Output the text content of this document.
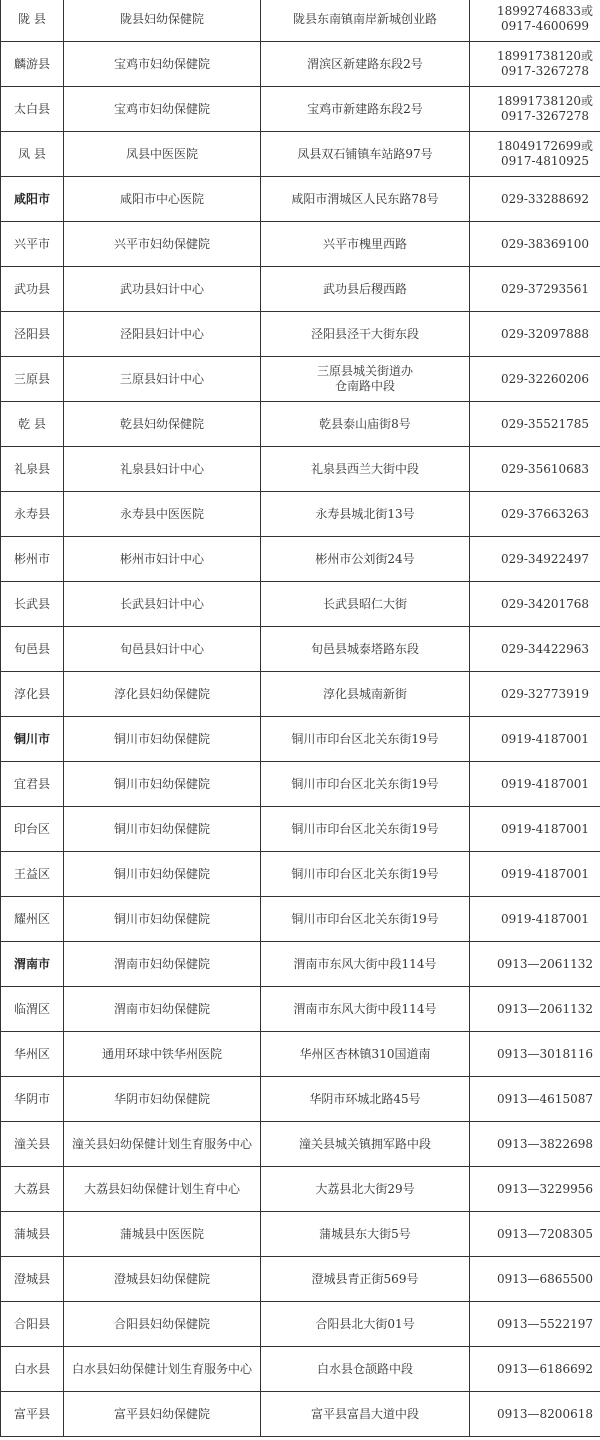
陇 县	陇县妇幼保健院	陇县东南镇南岸新城创业路	18992746833或
0917-4600699

麟游县	宝鸡市妇幼保健院	渭滨区新建路东段2号	18991738120或
0917-3267278

太白县	宝鸡市妇幼保健院	宝鸡市新建路东段2号	18991738120或
0917-3267278

凤 县	凤县中医医院	凤县双石铺镇车站路97号	18049172699或
0917-4810925

咸阳市	咸阳市中心医院	咸阳市渭城区人民东路78号	029-33288692

兴平市	兴平市妇幼保健院	兴平市槐里西路	029-38369100

武功县	武功县妇计中心	武功县后稷西路	029-37293561

泾阳县	泾阳县妇计中心	泾阳县泾干大街东段	029-32097888

三原县	三原县妇计中心	三原县城关街道办
仓南路中段	029-32260206

乾 县	乾县妇幼保健院	乾县泰山庙街8号	029-35521785

礼泉县	礼泉县妇计中心	礼泉县西兰大街中段	029-35610683

永寿县	永寿县中医医院	永寿县城北街13号	029-37663263

彬州市	彬州市妇计中心	彬州市公刘街24号	029-34922497

长武县	长武县妇计中心	长武县昭仁大街	029-34201768

旬邑县	旬邑县妇计中心	旬邑县城泰塔路东段	029-34422963

淳化县	淳化县妇幼保健院	淳化县城南新街	029-32773919

铜川市	铜川市妇幼保健院	铜川市印台区北关东街19号	0919-4187001

宜君县	铜川市妇幼保健院	铜川市印台区北关东街19号	0919-4187001

印台区	铜川市妇幼保健院	铜川市印台区北关东街19号	0919-4187001

王益区	铜川市妇幼保健院	铜川市印台区北关东街19号	0919-4187001

耀州区	铜川市妇幼保健院	铜川市印台区北关东街19号	0919-4187001

渭南市	渭南市妇幼保健院	渭南市东风大街中段114号	0913—2061132

临渭区	渭南市妇幼保健院	渭南市东风大街中段114号	0913—2061132

华州区	通用环球中铁华州医院	华州区杏林镇310国道南	0913—3018116

华阴市	华阴市妇幼保健院	华阴市环城北路45号	0913—4615087

潼关县	潼关县妇幼保健计划生育服务中心	潼关县城关镇拥军路中段	0913—3822698

大荔县	大荔县妇幼保健计划生育中心	大荔县北大街29号	0913—3229956

蒲城县	蒲城县中医医院	蒲城县东大街5号	0913—7208305

澄城县	澄城县妇幼保健院	澄城县青正街569号	0913—6865500

合阳县	合阳县妇幼保健院	合阳县北大街01号	0913—5522197

白水县	白水县妇幼保健计划生育服务中心	白水县仓颉路中段	0913—6186692

富平县	富平县妇幼保健院	富平县富昌大道中段	0913—8200618
